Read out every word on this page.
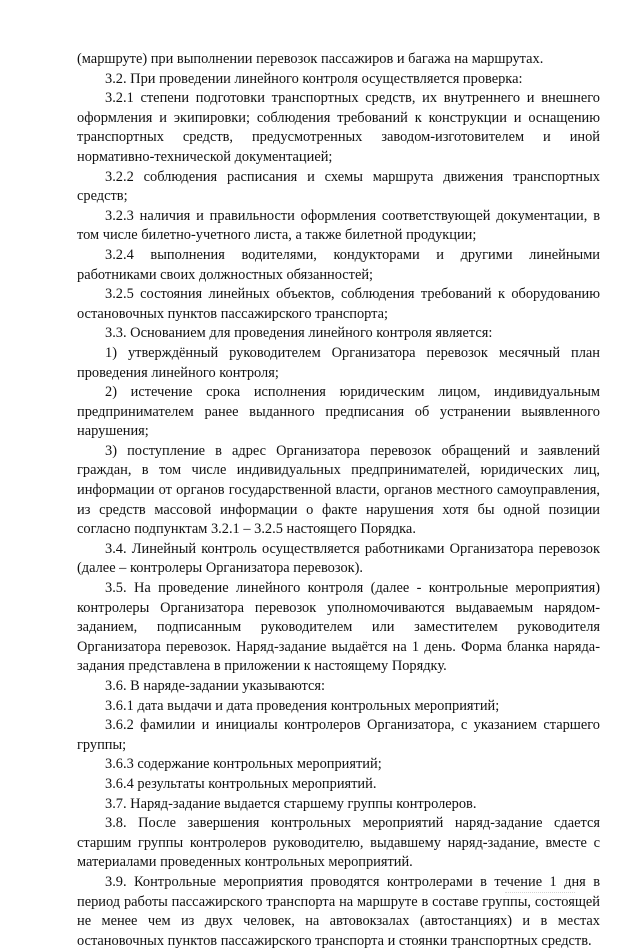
(маршруте) при выполнении перевозок пассажиров и багажа на маршрутах.

3.2. При проведении линейного контроля осуществляется проверка:

3.2.1 степени подготовки транспортных средств, их внутреннего и внешнего оформления и экипировки; соблюдения требований к конструкции и оснащению транспортных средств, предусмотренных заводом-изготовителем и иной нормативно-технической документацией;

3.2.2 соблюдения расписания и схемы маршрута движения транспортных средств;

3.2.3 наличия и правильности оформления соответствующей документации, в том числе билетно-учетного листа, а также билетной продукции;

3.2.4 выполнения водителями, кондукторами и другими линейными работниками своих должностных обязанностей;

3.2.5 состояния линейных объектов, соблюдения требований к оборудованию остановочных пунктов пассажирского транспорта;

3.3. Основанием для проведения линейного контроля является:

1) утверждённый руководителем Организатора перевозок месячный план проведения линейного контроля;

2) истечение срока исполнения юридическим лицом, индивидуальным предпринимателем ранее выданного предписания об устранении выявленного нарушения;

3) поступление в адрес Организатора перевозок обращений и заявлений граждан, в том числе индивидуальных предпринимателей, юридических лиц, информации от органов государственной власти, органов местного самоуправления, из средств массовой информации о факте нарушения хотя бы одной позиции согласно подпунктам 3.2.1 – 3.2.5 настоящего Порядка.

3.4. Линейный контроль осуществляется работниками Организатора перевозок (далее – контролеры Организатора перевозок).

3.5. На проведение линейного контроля (далее - контрольные мероприятия) контролеры Организатора перевозок уполномочиваются выдаваемым нарядом-заданием, подписанным руководителем или заместителем руководителя Организатора перевозок. Наряд-задание выдаётся на 1 день. Форма бланка наряда-задания представлена в приложении к настоящему Порядку.

3.6. В наряде-задании указываются:

3.6.1 дата выдачи и дата проведения контрольных мероприятий;

3.6.2 фамилии и инициалы контролеров Организатора, с указанием старшего группы;

3.6.3 содержание контрольных мероприятий;

3.6.4 результаты контрольных мероприятий.

3.7. Наряд-задание выдается старшему группы контролеров.

3.8. После завершения контрольных мероприятий наряд-задание сдается старшим группы контролеров руководителю, выдавшему наряд-задание, вместе с материалами проведенных контрольных мероприятий.

3.9. Контрольные мероприятия проводятся контролерами в течение 1 дня в период работы пассажирского транспорта на маршруте в составе группы, состоящей не менее чем из двух человек, на автовокзалах (автостанциях) и в местах остановочных пунктов пассажирского транспорта и стоянки транспортных средств.
